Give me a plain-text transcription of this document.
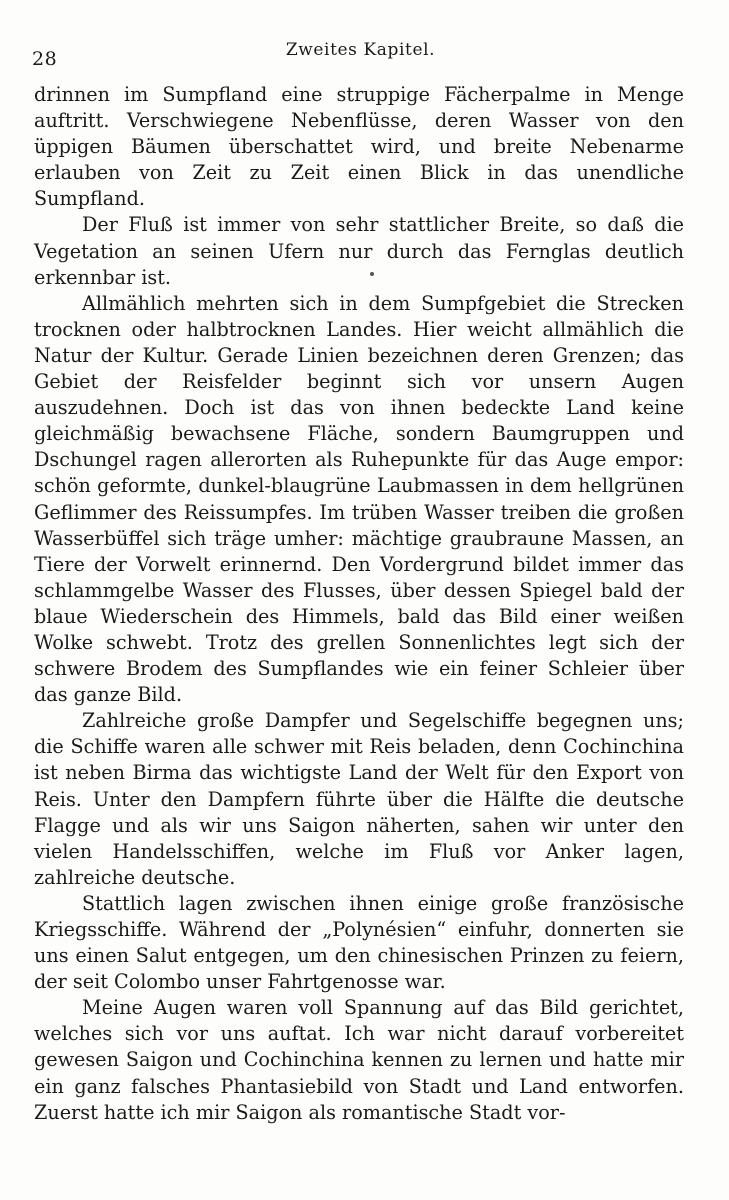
28	Zweites Kapitel.

drinnen im Sumpfland eine struppige Fächerpalme in Menge auftritt. Verschwiegene Nebenflüsse, deren Wasser von den üppigen Bäumen überschattet wird, und breite Nebenarme erlauben von Zeit zu Zeit einen Blick in das unendliche Sumpfland.

Der Fluß ist immer von sehr stattlicher Breite, so daß die Vegetation an seinen Ufern nur durch das Fernglas deutlich erkennbar ist.

Allmählich mehrten sich in dem Sumpfgebiet die Strecken trocknen oder halbtrocknen Landes. Hier weicht allmählich die Natur der Kultur. Gerade Linien bezeichnen deren Grenzen; das Gebiet der Reisfelder beginnt sich vor unsern Augen auszudehnen. Doch ist das von ihnen bedeckte Land keine gleichmäßig bewachsene Fläche, sondern Baumgruppen und Dschungel ragen allerorten als Ruhepunkte für das Auge empor: schön geformte, dunkel-blaugrüne Laubmassen in dem hellgrünen Geflimmer des Reissumpfes. Im trüben Wasser treiben die großen Wasserbüffel sich träge umher: mächtige graubraune Massen, an Tiere der Vorwelt erinnernd. Den Vordergrund bildet immer das schlammgelbe Wasser des Flusses, über dessen Spiegel bald der blaue Wiederschein des Himmels, bald das Bild einer weißen Wolke schwebt. Trotz des grellen Sonnenlichtes legt sich der schwere Brodem des Sumpflandes wie ein feiner Schleier über das ganze Bild.

Zahlreiche große Dampfer und Segelschiffe begegnen uns; die Schiffe waren alle schwer mit Reis beladen, denn Cochinchina ist neben Birma das wichtigste Land der Welt für den Export von Reis. Unter den Dampfern führte über die Hälfte die deutsche Flagge und als wir uns Saigon näherten, sahen wir unter den vielen Handelsschiffen, welche im Fluß vor Anker lagen, zahlreiche deutsche.

Stattlich lagen zwischen ihnen einige große französische Kriegsschiffe. Während der „Polynésien“ einfuhr, donnerten sie uns einen Salut entgegen, um den chinesischen Prinzen zu feiern, der seit Colombo unser Fahrtgenosse war.

Meine Augen waren voll Spannung auf das Bild gerichtet, welches sich vor uns auftat. Ich war nicht darauf vorbereitet gewesen Saigon und Cochinchina kennen zu lernen und hatte mir ein ganz falsches Phantasiebild von Stadt und Land entworfen. Zuerst hatte ich mir Saigon als romantische Stadt vor-
